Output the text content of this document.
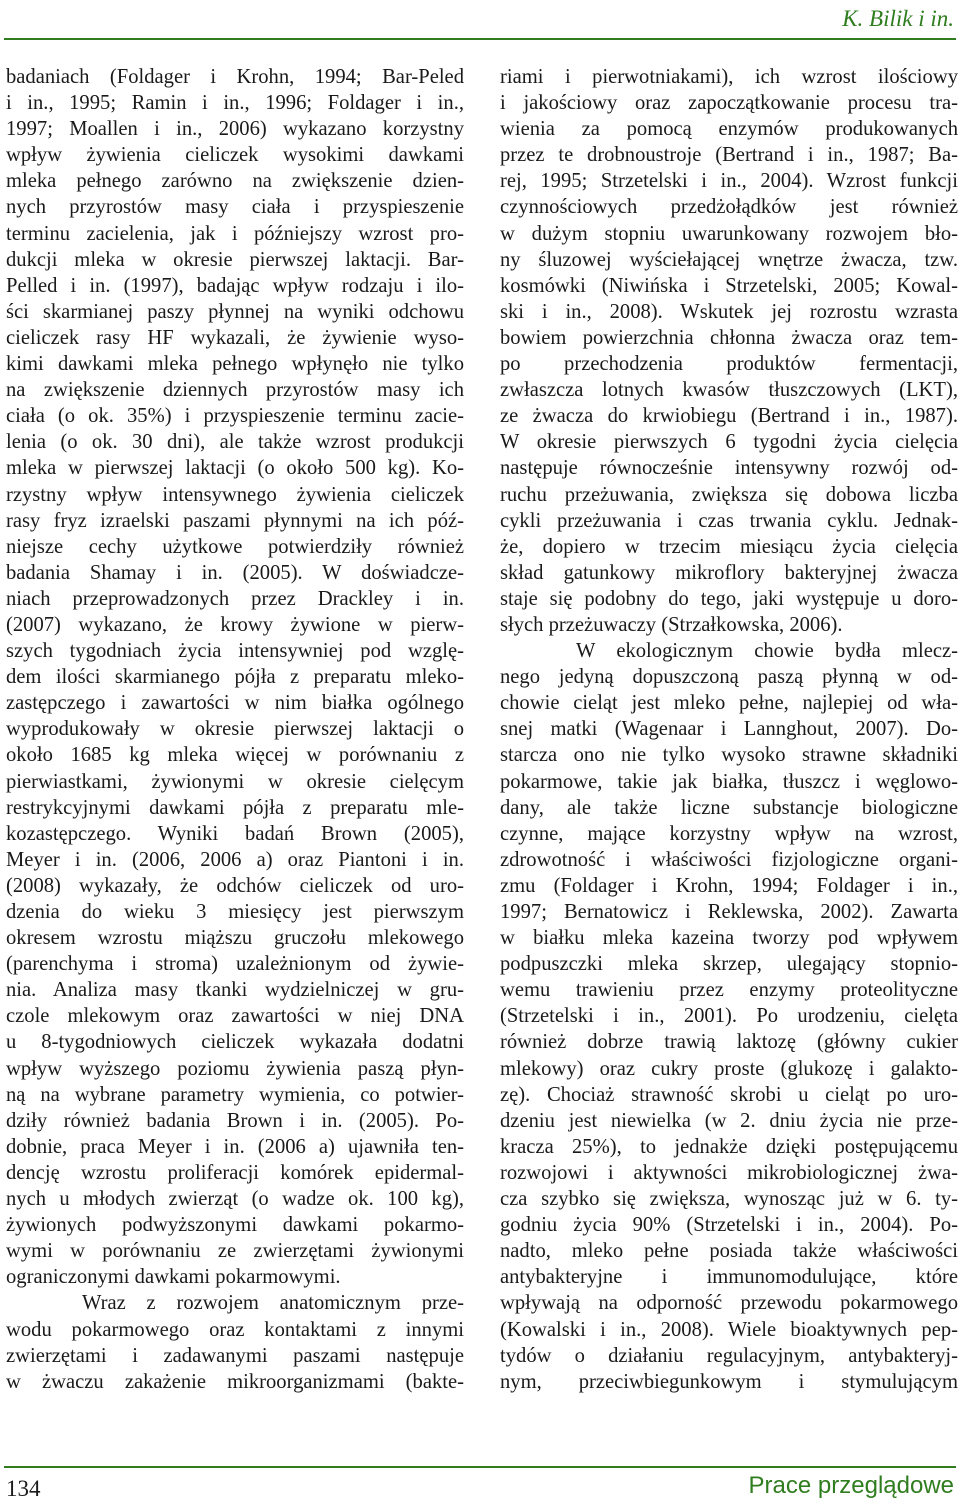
K. Bilik i in.
badaniach (Foldager i Krohn, 1994; Bar-Peled
i in., 1995; Ramin i in., 1996; Foldager i in.,
1997; Moallen i in., 2006) wykazano korzystny
wpływ żywienia cieliczek wysokimi dawkami
mleka pełnego zarówno na zwiększenie dzien-
nych przyrostów masy ciała i przyspieszenie
terminu zacielenia, jak i późniejszy wzrost pro-
dukcji mleka w okresie pierwszej laktacji. Bar-
Pelled i in. (1997), badając wpływ rodzaju i ilo-
ści skarmianej paszy płynnej na wyniki odchowu
cieliczek rasy HF wykazali, że żywienie wyso-
kimi dawkami mleka pełnego wpłynęło nie tylko
na zwiększenie dziennych przyrostów masy ich
ciała (o ok. 35%) i przyspieszenie terminu zacie-
lenia (o ok. 30 dni), ale także wzrost produkcji
mleka w pierwszej laktacji (o około 500 kg). Ko-
rzystny wpływ intensywnego żywienia cieliczek
rasy fryz izraelski paszami płynnymi na ich póź-
niejsze cechy użytkowe potwierdziły również
badania Shamay i in. (2005). W doświadcze-
niach przeprowadzonych przez Drackley i in.
(2007) wykazano, że krowy żywione w pierw-
szych tygodniach życia intensywniej pod wzglę-
dem ilości skarmianego pójła z preparatu mleko-
zastępczego i zawartości w nim białka ogólnego
wyprodukowały w okresie pierwszej laktacji o
około 1685 kg mleka więcej w porównaniu z
pierwiastkami, żywionymi w okresie cielęcym
restrykcyjnymi dawkami pójła z preparatu mle-
kozastępczego. Wyniki badań Brown (2005),
Meyer i in. (2006, 2006 a) oraz Piantoni i in.
(2008) wykazały, że odchów cieliczek od uro-
dzenia do wieku 3 miesięcy jest pierwszym
okresem wzrostu miąższu gruczołu mlekowego
(parenchyma i stroma) uzależnionym od żywie-
nia. Analiza masy tkanki wydzielniczej w gru-
czole mlekowym oraz zawartości w niej DNA
u 8-tygodniowych cieliczek wykazała dodatni
wpływ wyższego poziomu żywienia paszą płyn-
ną na wybrane parametry wymienia, co potwier-
dziły również badania Brown i in. (2005). Po-
dobnie, praca Meyer i in. (2006 a) ujawniła ten-
dencję wzrostu proliferacji komórek epidermal-
nych u młodych zwierząt (o wadze ok. 100 kg),
żywionych podwyższonymi dawkami pokarmo-
wymi w porównaniu ze zwierzętami żywionymi
ograniczonymi dawkami pokarmowymi.
Wraz z rozwojem anatomicznym prze-
wodu pokarmowego oraz kontaktami z innymi
zwierzętami i zadawanymi paszami następuje
w żwaczu zakażenie mikroorganizmami (bakte-
riami i pierwotniakami), ich wzrost ilościowy
i jakościowy oraz zapoczątkowanie procesu tra-
wienia za pomocą enzymów produkowanych
przez te drobnoustroje (Bertrand i in., 1987; Ba-
rej, 1995; Strzetelski i in., 2004). Wzrost funkcji
czynnościowych przedżołądków jest również
w dużym stopniu uwarunkowany rozwojem bło-
ny śluzowej wyściełającej wnętrze żwacza, tzw.
kosmówki (Niwińska i Strzetelski, 2005; Kowal-
ski i in., 2008). Wskutek jej rozrostu wzrasta
bowiem powierzchnia chłonna żwacza oraz tem-
po przechodzenia produktów fermentacji,
zwłaszcza lotnych kwasów tłuszczowych (LKT),
ze żwacza do krwiobiegu (Bertrand i in., 1987).
W okresie pierwszych 6 tygodni życia cielęcia
następuje równocześnie intensywny rozwój od-
ruchu przeżuwania, zwiększa się dobowa liczba
cykli przeżuwania i czas trwania cyklu. Jednak-
że, dopiero w trzecim miesiącu życia cielęcia
skład gatunkowy mikroflory bakteryjnej żwacza
staje się podobny do tego, jaki występuje u doro-
słych przeżuwaczy (Strzałkowska, 2006).
W ekologicznym chowie bydła mlecz-
nego jedyną dopuszczoną paszą płynną w od-
chowie cieląt jest mleko pełne, najlepiej od wła-
snej matki (Wagenaar i Lannghout, 2007). Do-
starcza ono nie tylko wysoko strawne składniki
pokarmowe, takie jak białka, tłuszcz i węglowo-
dany, ale także liczne substancje biologiczne
czynne, mające korzystny wpływ na wzrost,
zdrowotność i właściwości fizjologiczne organi-
zmu (Foldager i Krohn, 1994; Foldager i in.,
1997; Bernatowicz i Reklewska, 2002). Zawarta
w białku mleka kazeina tworzy pod wpływem
podpuszczki mleka skrzep, ulegający stopnio-
wemu trawieniu przez enzymy proteolityczne
(Strzetelski i in., 2001). Po urodzeniu, cielęta
również dobrze trawią laktozę (główny cukier
mlekowy) oraz cukry proste (glukozę i galakto-
zę). Chociaż strawność skrobi u cieląt po uro-
dzeniu jest niewielka (w 2. dniu życia nie prze-
kracza 25%), to jednakże dzięki postępującemu
rozwojowi i aktywności mikrobiologicznej żwa-
cza szybko się zwiększa, wynosząc już w 6. ty-
godniu życia 90% (Strzetelski i in., 2004). Po-
nadto, mleko pełne posiada także właściwości
antybakteryjne i immunomodulujące, które
wpływają na odporność przewodu pokarmowego
(Kowalski i in., 2008). Wiele bioaktywnych pep-
tydów o działaniu regulacyjnym, antybakteryj-
nym, przeciwbiegunkowym i stymulującym
134	Prace przeglądowe
